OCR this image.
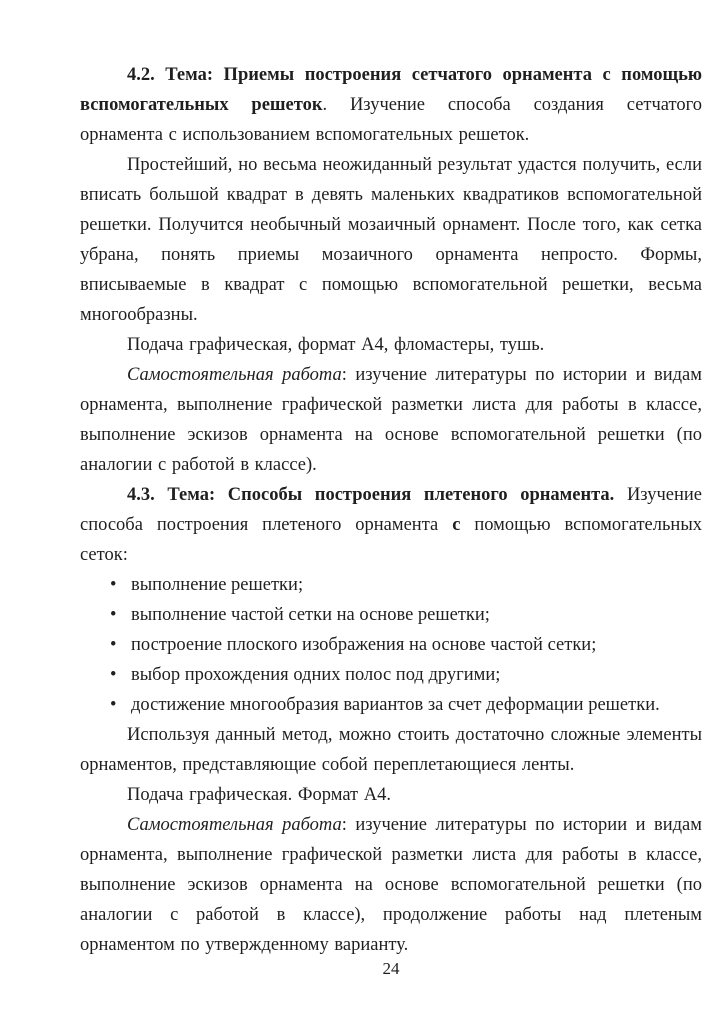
4.2. Тема: Приемы построения сетчатого орнамента с помощью вспомогательных решеток. Изучение способа создания сетчатого орнамента с использованием вспомогательных решеток.

Простейший, но весьма неожиданный результат удастся получить, если вписать большой квадрат в девять маленьких квадратиков вспомогательной решетки. Получится необычный мозаичный орнамент. После того, как сетка убрана, понять приемы мозаичного орнамента непросто. Формы, вписываемые в квадрат с помощью вспомогательной решетки, весьма многообразны.

Подача графическая, формат А4, фломастеры, тушь.

Самостоятельная работа: изучение литературы по истории и видам орнамента, выполнение графической разметки листа для работы в классе, выполнение эскизов орнамента на основе вспомогательной решетки (по аналогии с работой в классе).

4.3. Тема: Способы построения плетеного орнамента. Изучение способа построения плетеного орнамента с помощью вспомогательных сеток:

• выполнение решетки;
• выполнение частой сетки на основе решетки;
• построение плоского изображения на основе частой сетки;
• выбор прохождения одних полос под другими;
• достижение многообразия вариантов за счет деформации решетки.

Используя данный метод, можно стоить достаточно сложные элементы орнаментов, представляющие собой переплетающиеся ленты.

Подача графическая. Формат А4.

Самостоятельная работа: изучение литературы по истории и видам орнамента, выполнение графической разметки листа для работы в классе, выполнение эскизов орнамента на основе вспомогательной решетки (по аналогии с работой в классе), продолжение работы над плетеным орнаментом по утвержденному варианту.

24
